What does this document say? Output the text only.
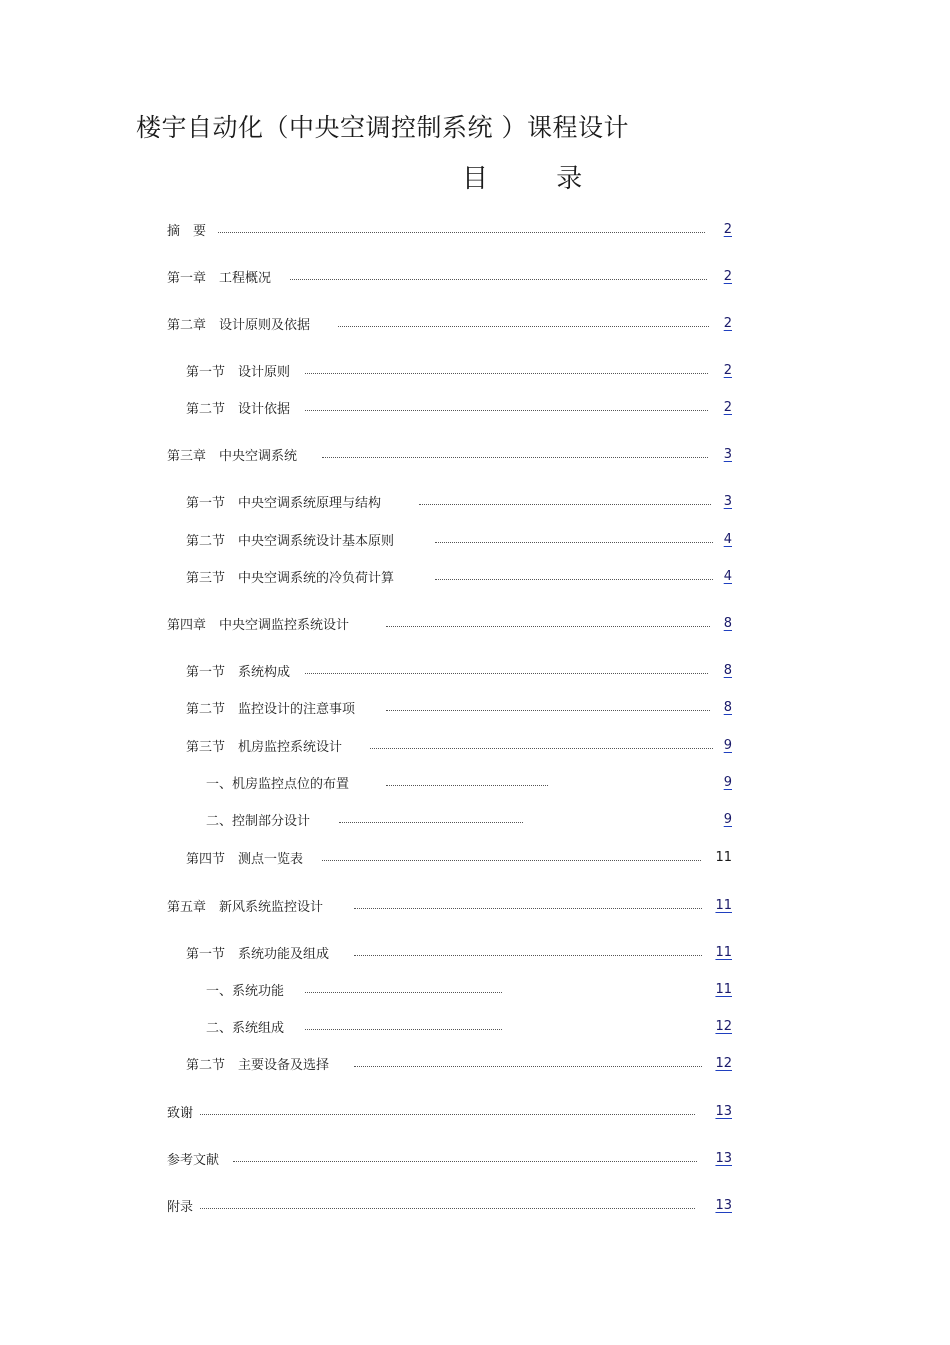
楼宇自动化（中央空调控制系统 ）课程设计
目 录
摘　要	2
第一章　工程概况	2
第二章　设计原则及依据	2
第一节　设计原则	2
第二节　设计依据	2
第三章　中央空调系统	3
第一节　中央空调系统原理与结构	3
第二节　中央空调系统设计基本原则	4
第三节　中央空调系统的冷负荷计算	4
第四章　中央空调监控系统设计	8
第一节　系统构成	8
第二节　监控设计的注意事项	8
第三节　机房监控系统设计	9
一、机房监控点位的布置	9
二、控制部分设计	9
第四节　测点一览表	11
第五章　新风系统监控设计	11
第一节　系统功能及组成	11
一、系统功能	11
二、系统组成	12
第二节　主要设备及选择	12
致谢	13
参考文献	13
附录	13
